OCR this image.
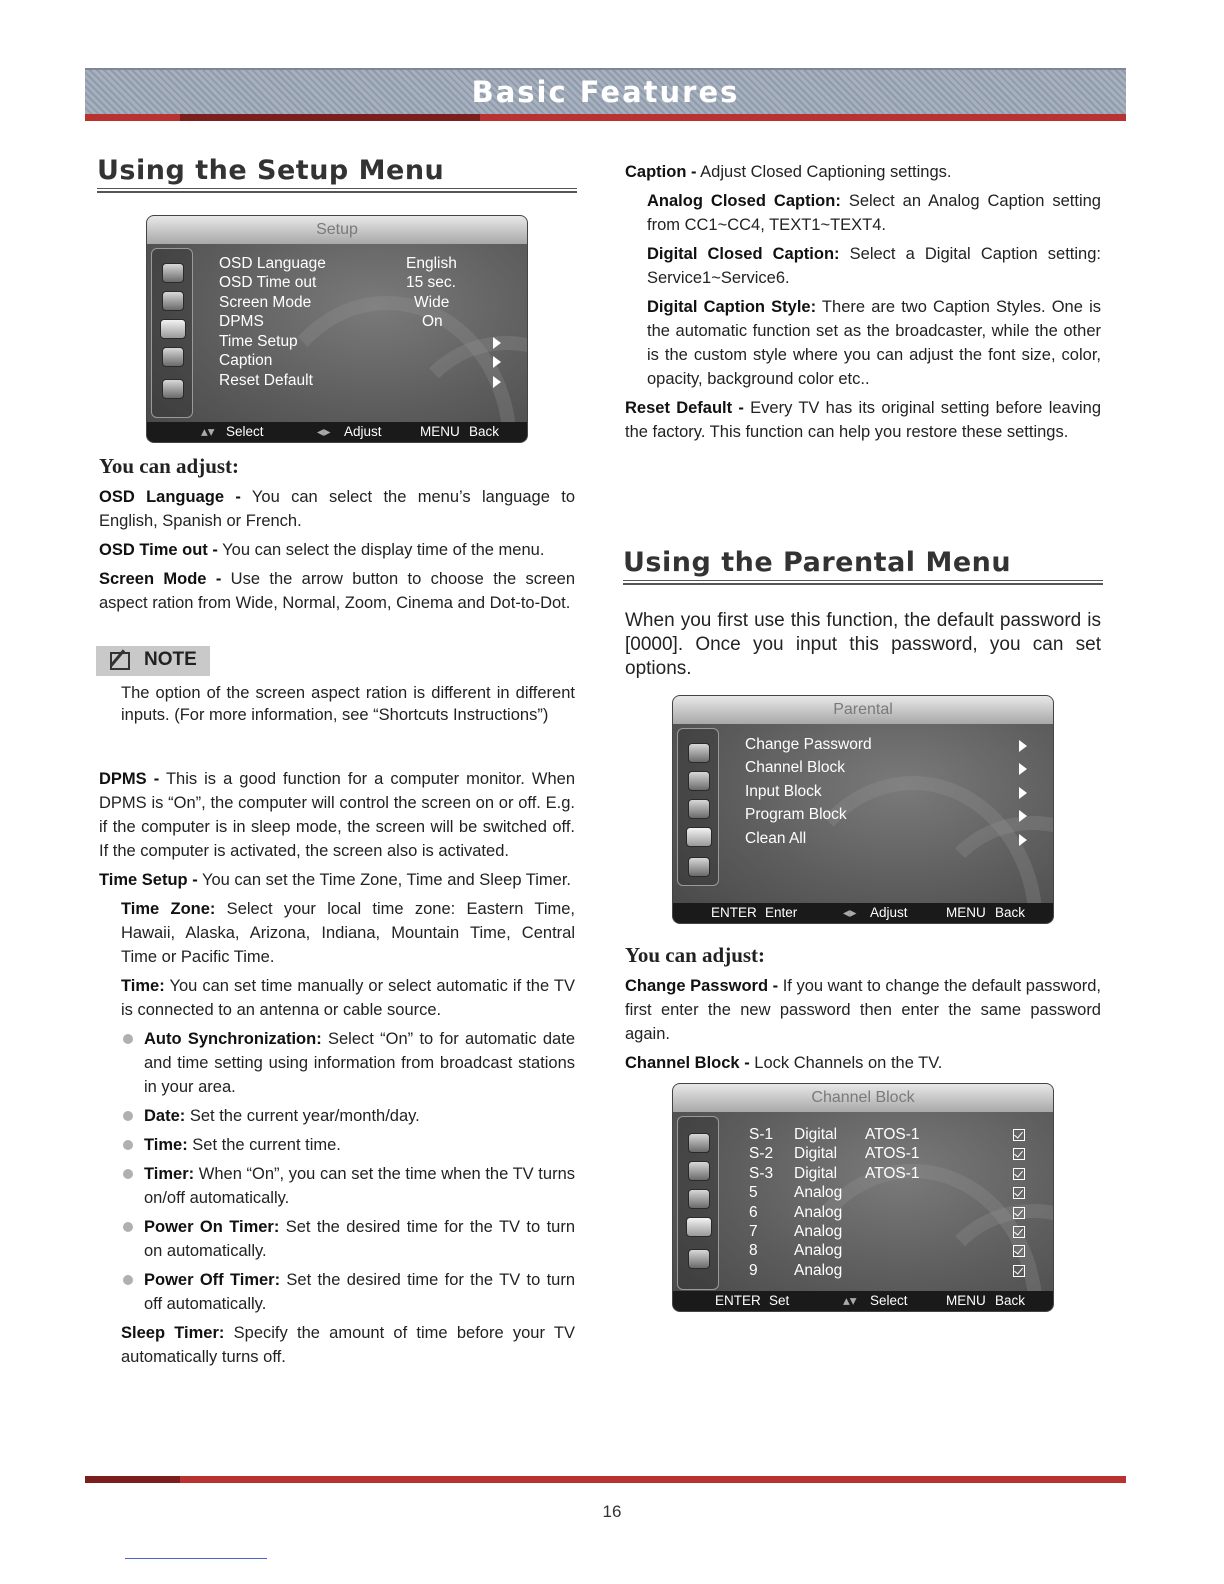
Basic Features
Using the Setup Menu
Setup
OSD Language	English
OSD Time out	15 sec.
Screen Mode	Wide
DPMS	On
Time Setup
Caption
Reset Default
▴▾ Select	◂▸ Adjust	MENU Back
You can adjust:

OSD Language - You can select the menu’s language to English, Spanish or French.

OSD Time out - You can select the display time of the menu.

Screen Mode - Use the arrow button to choose the screen aspect ration from Wide, Normal, Zoom, Cinema and Dot-to-Dot.

NOTE
The option of the screen aspect ration is different in different inputs. (For more information, see “Shortcuts Instructions”)

DPMS - This is a good function for a computer monitor. When DPMS is “On”, the computer will control the screen on or off. E.g. if the computer is in sleep mode, the screen will be switched off. If the computer is activated, the screen also is activated.

Time Setup - You can set the Time Zone, Time and Sleep Timer.

Time Zone: Select your local time zone: Eastern Time, Hawaii, Alaska, Arizona, Indiana, Mountain Time, Central Time or Pacific Time.

Time: You can set time manually or select automatic if the TV is connected to an antenna or cable source.

Auto Synchronization: Select “On” to for automatic date and time setting using information from broadcast stations in your area.

Date: Set the current year/month/day.

Time: Set the current time.

Timer: When “On”, you can set the time when the TV turns on/off automatically.

Power On Timer: Set the desired time for the TV to turn on automatically.

Power Off Timer: Set the desired time for the TV to turn off automatically.

Sleep Timer: Specify the amount of time before your TV automatically turns off.

Caption - Adjust Closed Captioning settings.

Analog Closed Caption: Select an Analog Caption setting from CC1~CC4, TEXT1~TEXT4.

Digital Closed Caption: Select a Digital Caption setting: Service1~Service6.

Digital Caption Style: There are two Caption Styles. One is the automatic function set as the broadcaster, while the other is the custom style where you can adjust the font size, color, opacity, background color etc..

Reset Default - Every TV has its original setting before leaving the factory. This function can help you restore these settings.

Using the Parental Menu
When you first use this function, the default password is [0000]. Once you input this password, you can set options.
Parental
Change Password
Channel Block
Input Block
Program Block
Clean All
ENTER Enter	◂▸ Adjust	MENU Back
You can adjust:

Change Password - If you want to change the default password, first enter the new password then enter the same password again.

Channel Block - Lock Channels on the TV.

Channel Block
S-1 Digital ATOS-1
S-2 Digital ATOS-1
S-3 Digital ATOS-1
5 Analog
6 Analog
7 Analog
8 Analog
9 Analog
ENTER Set	▴▾ Select	MENU Back
16
